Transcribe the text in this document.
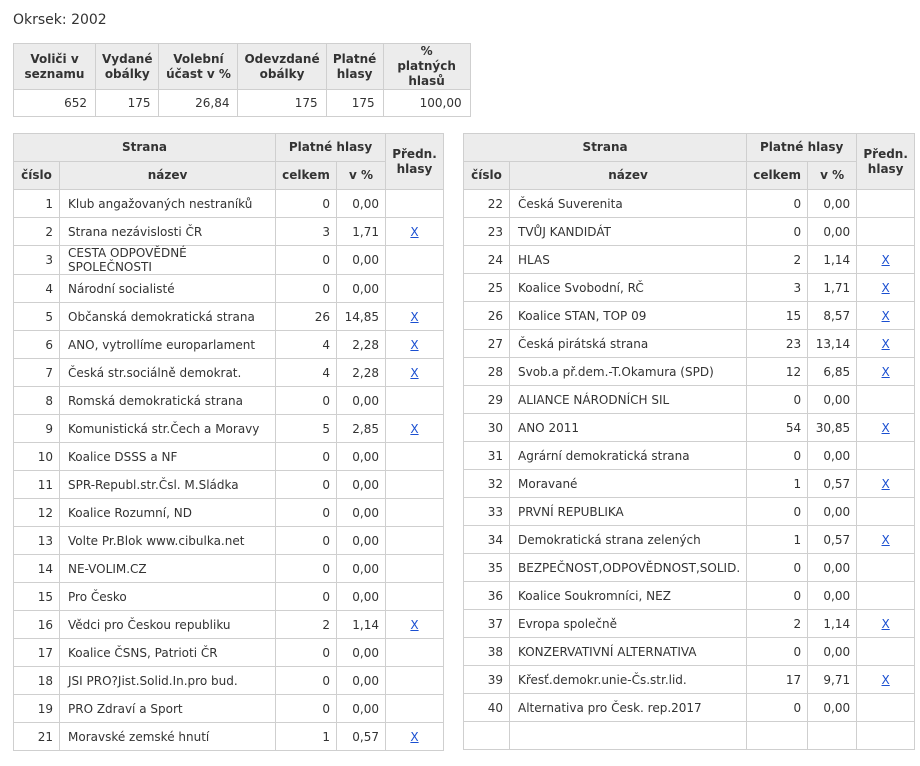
Okrsek: 2002
Voliči v seznamu	Vydané obálky	Volební účast v %	Odevzdané obálky	Platné hlasy	% platných hlasů
652	175	26,84	175	175	100,00
Strana		Platné hlasy		Předn. hlasy
číslo	název	celkem	v %	
1	Klub angažovaných nestraníků	0	0,00	
2	Strana nezávislosti ČR	3	1,71	X
3	CESTA ODPOVĚDNÉ SPOLEČNOSTI	0	0,00	
4	Národní socialisté	0	0,00	
5	Občanská demokratická strana	26	14,85	X
6	ANO, vytrollíme europarlament	4	2,28	X
7	Česká str.sociálně demokrat.	4	2,28	X
8	Romská demokratická strana	0	0,00	
9	Komunistická str.Čech a Moravy	5	2,85	X
10	Koalice DSSS a NF	0	0,00	
11	SPR-Republ.str.Čsl. M.Sládka	0	0,00	
12	Koalice Rozumní, ND	0	0,00	
13	Volte Pr.Blok www.cibulka.net	0	0,00	
14	NE-VOLIM.CZ	0	0,00	
15	Pro Česko	0	0,00	
16	Vědci pro Českou republiku	2	1,14	X
17	Koalice ČSNS, Patrioti ČR	0	0,00	
18	JSI PRO?Jist.Solid.In.pro bud.	0	0,00	
19	PRO Zdraví a Sport	0	0,00	
21	Moravské zemské hnutí	1	0,57	X
Strana		Platné hlasy		Předn. hlasy
číslo	název	celkem	v %	
22	Česká Suverenita	0	0,00	
23	TVŮJ KANDIDÁT	0	0,00	
24	HLAS	2	1,14	X
25	Koalice Svobodní, RČ	3	1,71	X
26	Koalice STAN, TOP 09	15	8,57	X
27	Česká pirátská strana	23	13,14	X
28	Svob.a př.dem.-T.Okamura (SPD)	12	6,85	X
29	ALIANCE NÁRODNÍCH SIL	0	0,00	
30	ANO 2011	54	30,85	X
31	Agrární demokratická strana	0	0,00	
32	Moravané	1	0,57	X
33	PRVNÍ REPUBLIKA	0	0,00	
34	Demokratická strana zelených	1	0,57	X
35	BEZPEČNOST,ODPOVĚDNOST,SOLID.	0	0,00	
36	Koalice Soukromníci, NEZ	0	0,00	
37	Evropa společně	2	1,14	X
38	KONZERVATIVNÍ ALTERNATIVA	0	0,00	
39	Křesť.demokr.unie-Čs.str.lid.	17	9,71	X
40	Alternativa pro Česk. rep.2017	0	0,00	
